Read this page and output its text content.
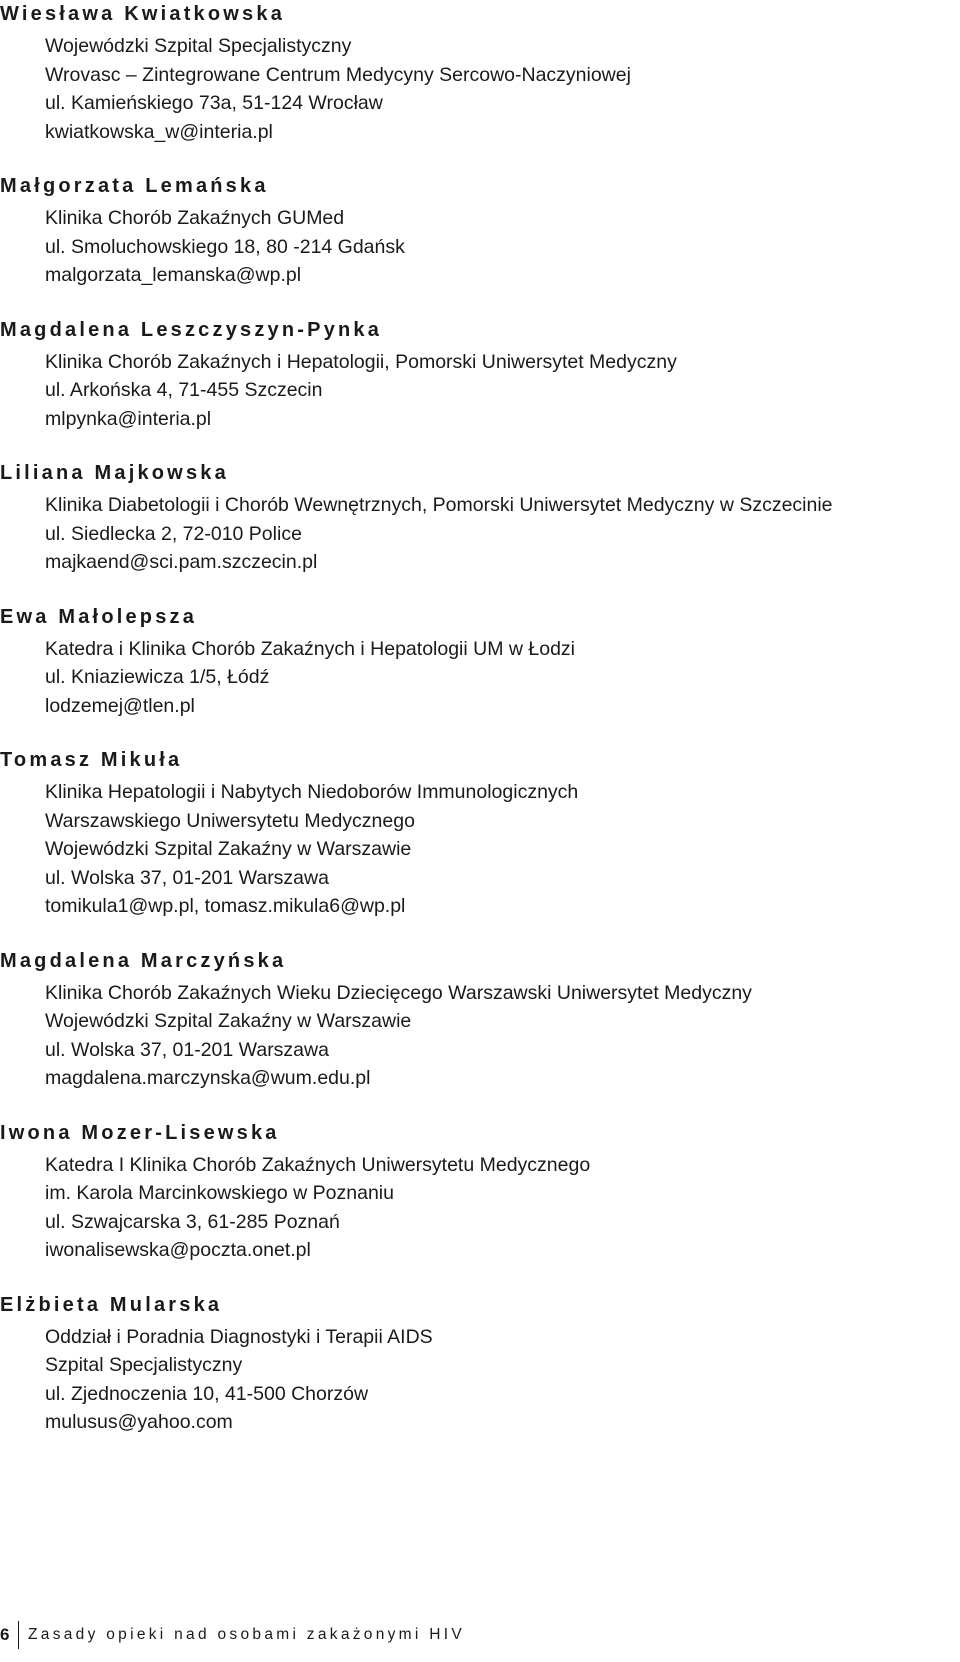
Wiesława Kwiatkowska
Wojewódzki Szpital Specjalistyczny
Wrovasc – Zintegrowane Centrum Medycyny Sercowo-Naczyniowej
ul. Kamieńskiego 73a, 51-124 Wrocław
kwiatkowska_w@interia.pl
Małgorzata Lemańska
Klinika Chorób Zakaźnych GUMed
ul. Smoluchowskiego 18, 80 -214 Gdańsk
malgorzata_lemanska@wp.pl
Magdalena Leszczyszyn-Pynka
Klinika Chorób Zakaźnych i Hepatologii, Pomorski Uniwersytet Medyczny
ul. Arkońska 4, 71-455 Szczecin
mlpynka@interia.pl
Liliana Majkowska
Klinika Diabetologii i Chorób Wewnętrznych, Pomorski Uniwersytet Medyczny w Szczecinie
ul. Siedlecka 2, 72-010 Police
majkaend@sci.pam.szczecin.pl
Ewa Małolepsza
Katedra i Klinika Chorób Zakaźnych i Hepatologii UM w Łodzi
ul. Kniaziewicza 1/5, Łódź
lodzemej@tlen.pl
Tomasz Mikuła
Klinika Hepatologii i Nabytych Niedoborów Immunologicznych
Warszawskiego Uniwersytetu Medycznego
Wojewódzki Szpital Zakaźny w Warszawie
ul. Wolska 37, 01-201 Warszawa
tomikula1@wp.pl, tomasz.mikula6@wp.pl
Magdalena Marczyńska
Klinika Chorób Zakaźnych Wieku Dziecięcego Warszawski Uniwersytet Medyczny
Wojewódzki Szpital Zakaźny w Warszawie
ul. Wolska 37, 01-201 Warszawa
magdalena.marczynska@wum.edu.pl
Iwona Mozer-Lisewska
Katedra I Klinika Chorób Zakaźnych Uniwersytetu Medycznego
im. Karola Marcinkowskiego w Poznaniu
ul. Szwajcarska 3, 61-285 Poznań
iwonalisewska@poczta.onet.pl
Elżbieta Mularska
Oddział i Poradnia Diagnostyki i Terapii AIDS
Szpital Specjalistyczny
ul. Zjednoczenia 10, 41-500 Chorzów
mulusus@yahoo.com
6	Zasady opieki nad osobami zakażonymi HIV
